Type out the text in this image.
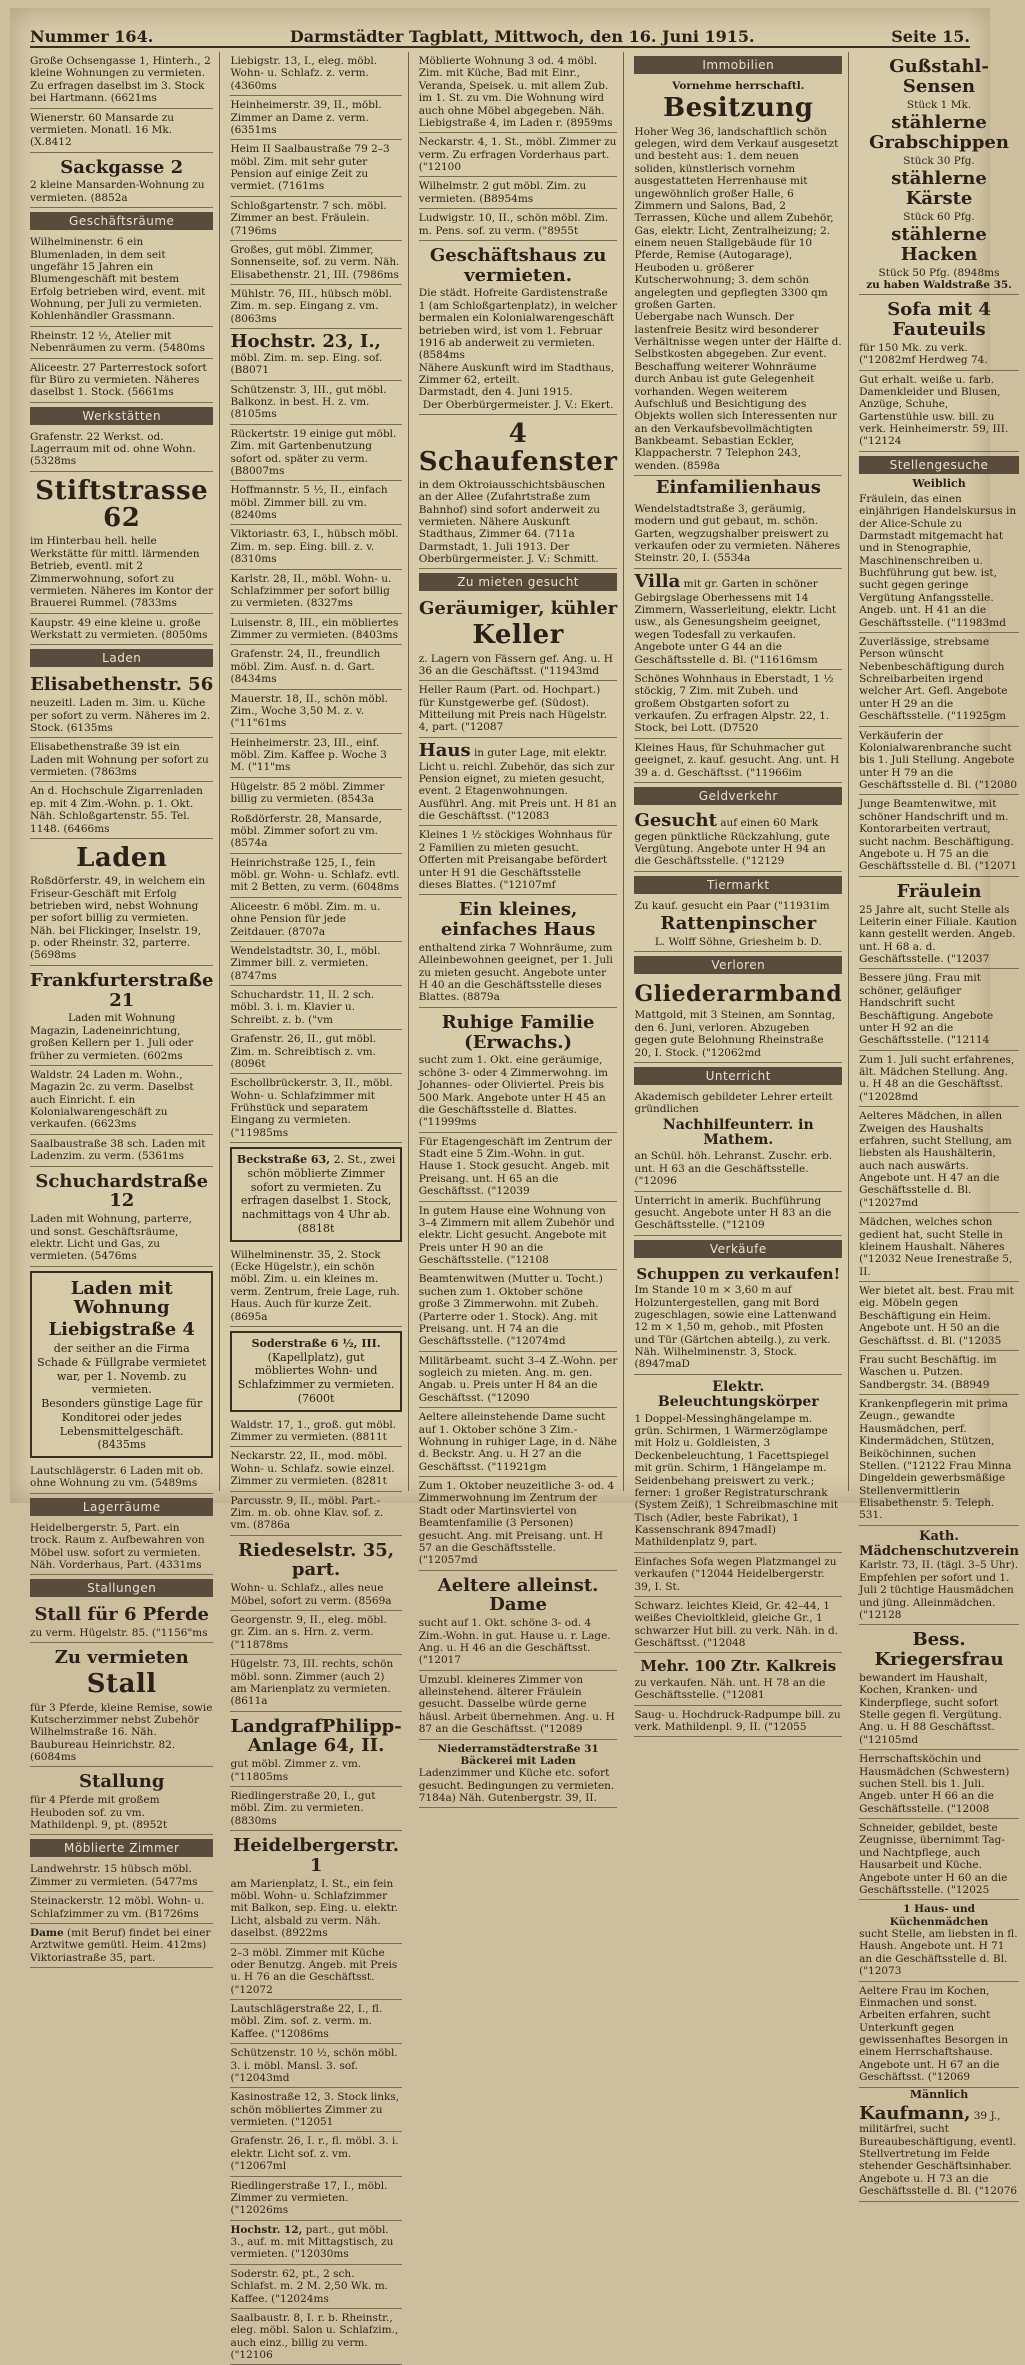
Nummer 164.	Darmstädter Tagblatt, Mittwoch, den 16. Juni 1915.	Seite 15.
Große Ochsengasse 1, Hinterh., 2 kleine Wohnungen zu vermieten. Zu erfragen daselbst im 3. Stock bei Hartmann. (6621ms
Wienerstr. 60 Mansarde zu vermieten. Monatl. 16 Mk. (X.8412
Sackgasse 2
2 kleine Mansarden-Wohnung zu vermieten. (8852a
Geschäftsräume
Wilhelminenstr. 6 ein Blumenladen, in dem seit ungefähr 15 Jahren ein Blumengeschäft mit bestem Erfolg betrieben wird, event. mit Wohnung, per Juli zu vermieten. Kohlenhändler Grassmann.
Rheinstr. 12 ½, Atelier mit Nebenräumen zu verm. (5480ms
Aliceestr. 27 Parterrestock sofort für Büro zu vermieten. Näheres daselbst 1. Stock. (5661ms
Werkstätten
Grafenstr. 22 Werkst. od. Lagerraum mit od. ohne Wohn. (5328ms
Stiftstrasse 62
im Hinterbau hell. helle Werkstätte für mittl. lärmenden Betrieb, eventl. mit 2 Zimmerwohnung, sofort zu vermieten. Näheres im Kontor der Brauerei Rummel. (7833ms
Kaupstr. 49 eine kleine u. große Werkstatt zu vermieten. (8050ms
Laden
Elisabethenstr. 56
neuzeitl. Laden m. 3im. u. Küche per sofort zu verm. Näheres im 2. Stock. (6135ms
Elisabethenstraße 39 ist ein Laden mit Wohnung per sofort zu vermieten. (7863ms
An d. Hochschule Zigarrenladen ep. mit 4 Zim.-Wohn. p. 1. Okt. Näh. Schloßgartenstr. 55. Tel. 1148. (6466ms
Laden
Roßdörferstr. 49, in welchem ein Friseur-Geschäft mit Erfolg betrieben wird, nebst Wohnung per sofort billig zu vermieten. Näh. bei Flickinger, Inselstr. 19, p. oder Rheinstr. 32, parterre. (5698ms
Frankfurterstraße 21
Laden mit Wohnung
Magazin, Ladeneinrichtung, großen Kellern per 1. Juli oder früher zu vermieten. (602ms
Waldstr. 24 Laden m. Wohn., Magazin 2c. zu verm. Daselbst auch Einricht. f. ein Kolonialwarengeschäft zu verkaufen. (6623ms
Saalbaustraße 38 sch. Laden mit Ladenzim. zu verm. (5361ms
Schuchardstraße 12
Laden mit Wohnung, parterre, und sonst. Geschäftsräume, elektr. Licht und Gas, zu vermieten. (5476ms
Laden mit Wohnung
Liebigstraße 4
der seither an die Firma Schade & Füllgrabe vermietet war, per 1. Novemb. zu vermieten.
Besonders günstige Lage für Konditorei oder jedes Lebensmittelgeschäft. (8435ms
Lautschlägerstr. 6 Laden mit ob. ohne Wohnung zu vm. (5489ms
Lagerräume
Heidelbergerstr. 5, Part. ein trock. Raum z. Aufbewahren von Möbel usw. sofort zu vermieten. Näh. Vorderhaus, Part. (4331ms
Stallungen
Stall für 6 Pferde
zu verm. Hügelstr. 85. ("1156"ms
Zu vermieten
Stall
für 3 Pferde, kleine Remise, sowie Kutscherzimmer nebst Zubehör Wilhelmstraße 16. Näh. Baubureau Heinrichstr. 82. (6084ms
Stallung
für 4 Pferde mit großem Heuboden sof. zu vm. Mathildenpl. 9, pt. (8952t
Möblierte Zimmer
Landwehrstr. 15 hübsch möbl. Zimmer zu vermieten. (5477ms
Steinackerstr. 12 möbl. Wohn- u. Schlafzimmer zu vm. (B1726ms
Dame (mit Beruf) findet bei einer Arztwitwe gemütl. Heim. 412ms) Viktoriastraße 35, part.
Liebigstr. 13, I., eleg. möbl. Wohn- u. Schlafz. z. verm. (4360ms
Heinheimerstr. 39, II., möbl. Zimmer an Dame z. verm. (6351ms
Heim II Saalbaustraße 79 2–3 möbl. Zim. mit sehr guter Pension auf einige Zeit zu vermiet. (7161ms
Schloßgartenstr. 7 sch. möbl. Zimmer an best. Fräulein. (7196ms
Großes, gut möbl. Zimmer, Sonnenseite, sof. zu verm. Näh. Elisabethenstr. 21, III. (7986ms
Mühlstr. 76, III., hübsch möbl. Zim. m. sep. Eingang z. vm. (8063ms
Hochstr. 23, I., möbl. Zim. m. sep. Eing. sof. (B8071
Schützenstr. 3, III., gut möbl. Balkonz. in best. H. z. vm. (8105ms
Rückertstr. 19 einige gut möbl. Zim. mit Gartenbenutzung sofort od. später zu verm. (B8007ms
Hoffmannstr. 5 ½, II., einfach möbl. Zimmer bill. zu vm. (8240ms
Viktoriastr. 63, I., hübsch möbl. Zim. m. sep. Eing. bill. z. v. (8310ms
Karlstr. 28, II., möbl. Wohn- u. Schlafzimmer per sofort billig zu vermieten. (8327ms
Luisenstr. 8, III., ein möbliertes Zimmer zu vermieten. (8403ms
Grafenstr. 24, II., freundlich möbl. Zim. Ausf. n. d. Gart. (8434ms
Mauerstr. 18, II., schön möbl. Zim., Woche 3,50 M. z. v. ("11"61ms
Heinheimerstr. 23, III., einf. möbl. Zim. Kaffee p. Woche 3 M. ("11"ms
Hügelstr. 85 2 möbl. Zimmer billig zu vermieten. (8543a
Roßdörferstr. 28, Mansarde, möbl. Zimmer sofort zu vm. (8574a
Heinrichstraße 125, I., fein möbl. gr. Wohn- u. Schlafz. evtl. mit 2 Betten, zu verm. (6048ms
Aliceestr. 6 möbl. Zim. m. u. ohne Pension für jede Zeitdauer. (8707a
Wendelstadtstr. 30, I., möbl. Zimmer bill. z. vermieten. (8747ms
Schuchardstr. 11, II. 2 sch. möbl. 3. i. m. Klavier u. Schreibt. z. b. ("vm
Grafenstr. 26, II., gut möbl. Zim. m. Schreibtisch z. vm. (8096t
Eschollbrückerstr. 3, II., möbl. Wohn- u. Schlafzimmer mit Frühstück und separatem Eingang zu vermieten. ("11985ms
Beckstraße 63, 2. St., zwei schön möblierte Zimmer sofort zu vermieten. Zu erfragen daselbst 1. Stock, nachmittags von 4 Uhr ab. (8818t
Wilhelminenstr. 35, 2. Stock (Ecke Hügelstr.), ein schön möbl. Zim. u. ein kleines m. verm. Zentrum, freie Lage, ruh. Haus. Auch für kurze Zeit. (8695a
Soderstraße 6 ½, III.
(Kapellplatz), gut möbliertes Wohn- und Schlafzimmer zu vermieten. (7600t
Waldstr. 17, 1., groß. gut möbl. Zimmer zu vermieten. (8811t
Neckarstr. 22, II., mod. möbl. Wohn- u. Schlafz. sowie einzel. Zimmer zu vermieten. (8281t
Parcusstr. 9, II., möbl. Part.-Zim. m. ob. ohne Klav. sof. z. vm. (8786a
Riedeselstr. 35, part.
Wohn- u. Schlafz., alles neue Möbel, sofort zu verm. (8569a
Georgenstr. 9, II., eleg. möbl. gr. Zim. an s. Hrn. z. verm. ("11878ms
Hügelstr. 73, III. rechts, schön möbl. sonn. Zimmer (auch 2) am Marienplatz zu vermieten. (8611a
LandgrafPhilipp-Anlage 64, II.
gut möbl. Zimmer z. vm. ("11805ms
Riedlingerstraße 20, I., gut möbl. Zim. zu vermieten. (8830ms
Heidelbergerstr. 1
am Marienplatz, I. St., ein fein möbl. Wohn- u. Schlafzimmer mit Balkon, sep. Eing. u. elektr. Licht, alsbald zu verm. Näh. daselbst. (8922ms
2–3 möbl. Zimmer mit Küche oder Benutzg. Angeb. mit Preis u. H 76 an die Geschäftsst. ("12072
Lautschlägerstraße 22, I., fl. möbl. Zim. sof. z. verm. m. Kaffee. ("12086ms
Schützenstr. 10 ½, schön möbl. 3. i. möbl. Mansl. 3. sof. ("12043md
Kasinostraße 12, 3. Stock links, schön möbliertes Zimmer zu vermieten. ("12051
Grafenstr. 26, I. r., fl. möbl. 3. i. elektr. Licht sof. z. vm. ("12067ml
Riedlingerstraße 17, I., möbl. Zimmer zu vermieten. ("12026ms
Hochstr. 12, part., gut möbl. 3., auf. m. mit Mittagstisch, zu vermieten. ("12030ms
Soderstr. 62, pt., 2 sch. Schlafst. m. 2 M. 2,50 Wk. m. Kaffee. ("12024ms
Saalbaustr. 8, I. r. b. Rheinstr., eleg. möbl. Salon u. Schlafzim., auch einz., billig zu verm. ("12106
Möblierte Wohnung 3 od. 4 möbl. Zim. mit Küche, Bad mit Einr., Veranda, Speisek. u. mit allem Zub. im 1. St. zu vm. Die Wohnung wird auch ohne Möbel abgegeben. Näh. Liebigstraße 4, im Laden r. (8959ms
Neckarstr. 4, 1. St., möbl. Zimmer zu verm. Zu erfragen Vorderhaus part. ("12100
Wilhelmstr. 2 gut möbl. Zim. zu vermieten. (B8954ms
Ludwigstr. 10, II., schön möbl. Zim. m. Pens. sof. zu verm. ("8955t
Geschäftshaus zu vermieten.
Die städt. Hofreite Gardistenstraße 1 (am Schloßgartenplatz), in welcher bermalen ein Kolonialwarengeschäft betrieben wird, ist vom 1. Februar 1916 ab anderweit zu vermieten. (8584ms
Nähere Auskunft wird im Stadthaus, Zimmer 62, erteilt.
Darmstadt, den 4. Juni 1915.
Der Oberbürgermeister. J. V.: Ekert.
4 Schaufenster
in dem Oktroiausschichtsbäuschen an der Allee (Zufahrtstraße zum Bahnhof) sind sofort anderweit zu vermieten. Nähere Auskunft Stadthaus, Zimmer 64. (711a Darmstadt, 1. Juli 1913. Der Oberbürgermeister. J. V.: Schmitt.
Zu mieten gesucht
Geräumiger, kühler
Keller
z. Lagern von Fässern gef. Ang. u. H 36 an die Geschäftsst. ("11943md
Heller Raum (Part. od. Hochpart.) für Kunstgewerbe gef. (Südost). Mitteilung mit Preis nach Hügelstr. 4, part. ("12087
Haus in guter Lage, mit elektr. Licht u. reichl. Zubehör, das sich zur Pension eignet, zu mieten gesucht, event. 2 Etagenwohnungen. Ausführl. Ang. mit Preis unt. H 81 an die Geschäftsst. ("12083
Kleines 1 ½ stöckiges Wohnhaus für 2 Familien zu mieten gesucht. Offerten mit Preisangabe befördert unter H 91 die Geschäftsstelle dieses Blattes. ("12107mf
Ein kleines, einfaches Haus
enthaltend zirka 7 Wohnräume, zum Alleinbewohnen geeignet, per 1. Juli zu mieten gesucht. Angebote unter H 40 an die Geschäftsstelle dieses Blattes. (8879a
Ruhige Familie (Erwachs.)
sucht zum 1. Okt. eine geräumige, schöne 3- oder 4 Zimmerwohng. im Johannes- oder Oliviertel. Preis bis 500 Mark. Angebote unter H 45 an die Geschäftsstelle d. Blattes. ("11999ms
Für Etagengeschäft im Zentrum der Stadt eine 5 Zim.-Wohn. in gut. Hause 1. Stock gesucht. Angeb. mit Preisang. unt. H 65 an die Geschäftsst. ("12039
In gutem Hause eine Wohnung von 3–4 Zimmern mit allem Zubehör und elektr. Licht gesucht. Angebote mit Preis unter H 90 an die Geschäftsstelle. ("12108
Beamtenwitwen (Mutter u. Tocht.) suchen zum 1. Oktober schöne große 3 Zimmerwohn. mit Zubeh. (Parterre oder 1. Stock). Ang. mit Preisang. unt. H 74 an die Geschäftsstelle. ("12074md
Militärbeamt. sucht 3–4 Z.-Wohn. per sogleich zu mieten. Ang. m. gen. Angab. u. Preis unter H 84 an die Geschäftsst. ("12090
Aeltere alleinstehende Dame sucht auf 1. Oktober schöne 3 Zim.-Wohnung in ruhiger Lage, in d. Nähe d. Beckstr. Ang. u. H 27 an die Geschäftsst. ("11921gm
Zum 1. Oktober neuzeitliche 3- od. 4 Zimmerwohnung im Zentrum der Stadt oder Martinsviertel von Beamtenfamilie (3 Personen) gesucht. Ang. mit Preisang. unt. H 57 an die Geschäftsstelle. ("12057md
Aeltere alleinst. Dame
sucht auf 1. Okt. schöne 3- od. 4 Zim.-Wohn. in gut. Hause u. r. Lage. Ang. u. H 46 an die Geschäftsst. ("12017
Umzubl. kleineres Zimmer von alleinstehend. älterer Fräulein gesucht. Dasselbe würde gerne häusl. Arbeit übernehmen. Ang. u. H 87 an die Geschäftsst. ("12089
Niederramstädterstraße 31
Bäckerei mit Laden
Ladenzimmer und Küche etc. sofort gesucht. Bedingungen zu vermieten. 7184a) Näh. Gutenbergstr. 39, II.
Immobilien
Vornehme herrschaftl.
Besitzung
Hoher Weg 36, landschaftlich schön gelegen, wird dem Verkauf ausgesetzt und besteht aus: 1. dem neuen soliden, künstlerisch vornehm ausgestatteten Herrenhause mit ungewöhnlich großer Halle, 6 Zimmern und Salons, Bad, 2 Terrassen, Küche und allem Zubehör, Gas, elektr. Licht, Zentralheizung; 2. einem neuen Stallgebäude für 10 Pferde, Remise (Autogarage), Heuboden u. größerer Kutscherwohnung; 3. dem schön angelegten und gepflegten 3300 qm großen Garten.
Uebergabe nach Wunsch. Der lastenfreie Besitz wird besonderer Verhältnisse wegen unter der Hälfte d. Selbstkosten abgegeben. Zur event. Beschaffung weiterer Wohnräume durch Anbau ist gute Gelegenheit vorhanden. Wegen weiterem Aufschluß und Besichtigung des Objekts wollen sich Interessenten nur an den Verkaufsbevollmächtigten Bankbeamt. Sebastian Eckler, Klappacherstr. 7 Telephon 243, wenden. (8598a
Einfamilienhaus
Wendelstadtstraße 3, geräumig, modern und gut gebaut, m. schön. Garten, wegzugshalber preiswert zu verkaufen oder zu vermieten. Näheres Steinstr. 20, I. (5534a
Villa mit gr. Garten in schöner Gebirgslage Oberhessens mit 14 Zimmern, Wasserleitung, elektr. Licht usw., als Genesungsheim geeignet, wegen Todesfall zu verkaufen. Angebote unter G 44 an die Geschäftsstelle d. Bl. ("11616msm
Schönes Wohnhaus in Eberstadt, 1 ½ stöckig, 7 Zim. mit Zubeh. und großem Obstgarten sofort zu verkaufen. Zu erfragen Alpstr. 22, 1. Stock, bei Lott. (D7520
Kleines Haus, für Schuhmacher gut geeignet, z. kauf. gesucht. Ang. unt. H 39 a. d. Geschäftsst. ("11966im
Geldverkehr
Gesucht auf einen 60 Mark gegen pünktliche Rückzahlung, gute Vergütung. Angebote unter H 94 an die Geschäftsstelle. ("12129
Tiermarkt
Zu kauf. gesucht ein Paar ("11931im
Rattenpinscher
L. Wolff Söhne, Griesheim b. D.
Verloren
Gliederarmband
Mattgold, mit 3 Steinen, am Sonntag, den 6. Juni, verloren. Abzugeben gegen gute Belohnung Rheinstraße 20, I. Stock. ("12062md
Unterricht
Akademisch gebildeter Lehrer erteilt gründlichen
Nachhilfeunterr. in Mathem.
an Schül. höh. Lehranst. Zuschr. erb. unt. H 63 an die Geschäftsstelle. ("12096
Unterricht in amerik. Buchführung gesucht. Angebote unter H 83 an die Geschäftsstelle. ("12109
Verkäufe
Schuppen zu verkaufen!
Im Stande 10 m × 3,60 m auf Holzuntergestellen, gang mit Bord zugeschlagen, sowie eine Lattenwand 12 m × 1,50 m, gehob., mit Pfosten und Tür (Gärtchen abteilg.), zu verk. Näh. Wilhelminenstr. 3, Stock. (8947maD
Elektr. Beleuchtungskörper
1 Doppel-Messinghängelampe m. grün. Schirmen, 1 Wärmerzöglampe mit Holz u. Goldleisten, 3 Deckenbeleuchtung, 1 Facettspiegel mit grün. Schirm, 1 Hängelampe m. Seidenbehang preiswert zu verk.; ferner: 1 großer Registraturschrank (System Zeiß), 1 Schreibmaschine mit Tisch (Adler, beste Fabrikat), 1 Kassenschrank 8947madI) Mathildenplatz 9, part.
Einfaches Sofa wegen Platzmangel zu verkaufen ("12044 Heidelbergerstr. 39, I. St.
Schwarz. leichtes Kleid, Gr. 42–44, 1 weißes Chevioltkleid, gleiche Gr., 1 schwarzer Hut bill. zu verk. Näh. in d. Geschäftsst. ("12048
Mehr. 100 Ztr. Kalkreis
zu verkaufen. Näh. unt. H 78 an die Geschäftsstelle. ("12081
Saug- u. Hochdruck-Radpumpe bill. zu verk. Mathildenpl. 9, II. ("12055
Gußstahl-Sensen
Stück 1 Mk.
stählerne Grabschippen
Stück 30 Pfg.
stählerne Kärste
Stück 60 Pfg.
stählerne Hacken
Stück 50 Pfg. (8948ms
zu haben Waldstraße 35.
Sofa mit 4 Fauteuils
für 150 Mk. zu verk. ("12082mf Herdweg 74.
Gut erhalt. weiße u. farb. Damenkleider und Blusen, Anzüge, Schuhe, Gartenstühle usw. bill. zu verk. Heinheimerstr. 59, III. ("12124
Stellengesuche
Weiblich
Fräulein, das einen einjährigen Handelskursus in der Alice-Schule zu Darmstadt mitgemacht hat und in Stenographie, Maschinenschreiben u. Buchführung gut bew. ist, sucht gegen geringe Vergütung Anfangsstelle. Angeb. unt. H 41 an die Geschäftsstelle. ("11983md
Zuverlässige, strebsame Person wünscht Nebenbeschäftigung durch Schreibarbeiten irgend welcher Art. Gefl. Angebote unter H 29 an die Geschäftsstelle. ("11925gm
Verkäuferin der Kolonialwarenbranche sucht bis 1. Juli Stellung. Angebote unter H 79 an die Geschäftsstelle d. Bl. ("12080
Junge Beamtenwitwe, mit schöner Handschrift und m. Kontorarbeiten vertraut, sucht nachm. Beschäftigung. Angebote u. H 75 an die Geschäftsstelle d. Bl. ("12071
Fräulein
25 Jahre alt, sucht Stelle als Leiterin einer Filiale. Kaution kann gestellt werden. Angeb. unt. H 68 a. d. Geschäftsstelle. ("12037
Bessere jüng. Frau mit schöner, geläufiger Handschrift sucht Beschäftigung. Angebote unter H 92 an die Geschäftsstelle. ("12114
Zum 1. Juli sucht erfahrenes, ält. Mädchen Stellung. Ang. u. H 48 an die Geschäftsst. ("12028md
Aelteres Mädchen, in allen Zweigen des Haushalts erfahren, sucht Stellung, am liebsten als Haushälterin, auch nach auswärts. Angebote unt. H 47 an die Geschäftsstelle d. Bl. ("12027md
Mädchen, welches schon gedient hat, sucht Stelle in kleinem Haushalt. Näheres ("12032 Neue Irenestraße 5, II.
Wer bietet alt. best. Frau mit eig. Möbeln gegen Beschäftigung ein Heim. Angebote unt. H 50 an die Geschäftsst. d. Bl. ("12035
Frau sucht Beschäftig. im Waschen u. Putzen. Sandbergstr. 34. (B8949
Krankenpflegerin mit prima Zeugn., gewandte Hausmädchen, perf. Kindermädchen, Stützen, Beiköchinnen, suchen Stellen. ("12122 Frau Minna Dingeldein gewerbsmäßige Stellenvermittlerin Elisabethenstr. 5. Teleph. 531.
Kath. Mädchenschutzverein
Karlstr. 73, II. (tägl. 3–5 Uhr). Empfehlen per sofort und 1. Juli 2 tüchtige Hausmädchen und jüng. Alleinmädchen. ("12128
Bess. Kriegersfrau
bewandert im Haushalt, Kochen, Kranken- und Kinderpflege, sucht sofort Stelle gegen fl. Vergütung. Ang. u. H 88 Geschäftsst. ("12105md
Herrschaftsköchin und Hausmädchen (Schwestern) suchen Stell. bis 1. Juli. Angeb. unter H 66 an die Geschäftsstelle. ("12008
Schneider, gebildet, beste Zeugnisse, übernimmt Tag- und Nachtpflege, auch Hausarbeit und Küche. Angebote unter H 60 an die Geschäftsstelle. ("12025
1 Haus- und Küchenmädchen
sucht Stelle, am liebsten in fl. Haush. Angebote unt. H 71 an die Geschäftsstelle d. Bl. ("12073
Aeltere Frau im Kochen, Einmachen und sonst. Arbeiten erfahren, sucht Unterkunft gegen gewissenhaftes Besorgen in einem Herrschaftshause. Angebote unt. H 67 an die Geschäftsst. ("12069
Männlich
Kaufmann, 39 J., militärfrei, sucht Bureaubeschäftigung, eventl. Stellvertretung im Felde stehender Geschäftsinhaber. Angebote u. H 73 an die Geschäftsstelle d. Bl. ("12076
